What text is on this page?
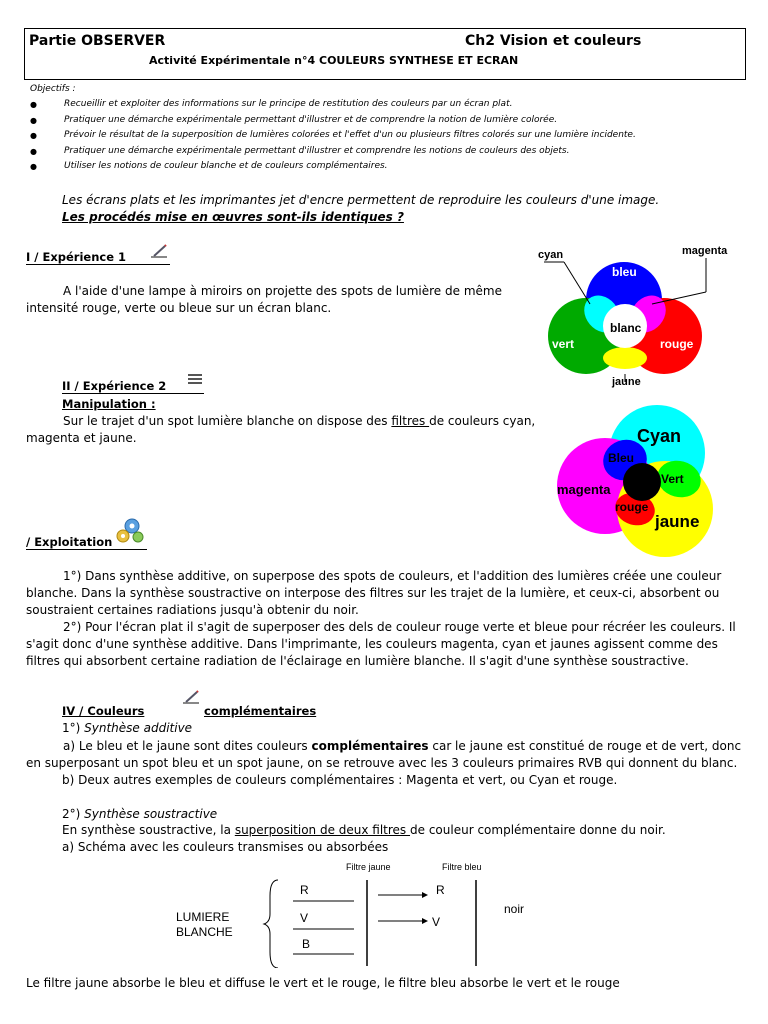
Partie OBSERVER	Ch2 Vision et couleurs
Activité Expérimentale n°4 COULEURS SYNTHESE ET ECRAN
Objectifs :
● Recueillir et exploiter des informations sur le principe de restitution des couleurs par un écran plat.
● Pratiquer une démarche expérimentale permettant d'illustrer et de comprendre la notion de lumière colorée.
● Prévoir le résultat de la superposition de lumières colorées et l'effet d'un ou plusieurs filtres colorés sur une lumière incidente.
● Pratiquer une démarche expérimentale permettant d'illustrer et comprendre les notions de couleurs des objets.
● Utiliser les notions de couleur blanche et de couleurs complémentaires.
Les écrans plats et les imprimantes jet d'encre permettent de reproduire les couleurs d'une image.
Les procédés mise en œuvres sont-ils identiques ?
I / Expérience 1
A l'aide d'une lampe à miroirs on projette des spots de lumière de même intensité rouge, verte ou bleue sur un écran blanc.
cyan	magenta
bleu
blanc
vert	rouge
jaune
II / Expérience 2
Manipulation :
Sur le trajet d'un spot lumière blanche on dispose des filtres de couleurs cyan, magenta et jaune.	Cyan
Bleu
Vert
magenta
rouge
jaune
/ Exploitation
1°) Dans synthèse additive, on superpose des spots de couleurs, et l'addition des lumières créée une couleur blanche. Dans la synthèse soustractive on interpose des filtres sur les trajet de la lumière, et ceux-ci, absorbent ou soustraient certaines radiations jusqu'à obtenir du noir.
2°) Pour l'écran plat il s'agit de superposer des dels de couleur rouge verte et bleue pour récréer les couleurs. Il s'agit donc d'une synthèse additive. Dans l'imprimante, les couleurs magenta, cyan et jaunes agissent comme des filtres qui absorbent certaine radiation de l'éclairage en lumière blanche. Il s'agit d'une synthèse soustractive.
IV / Couleurs	complémentaires
1°) Synthèse additive
a) Le bleu et le jaune sont dites couleurs complémentaires car le jaune est constitué de rouge et de vert, donc en superposant un spot bleu et un spot jaune, on se retrouve avec les 3 couleurs primaires RVB qui donnent du blanc.
b) Deux autres exemples de couleurs complémentaires : Magenta et vert, ou Cyan et rouge.
2°) Synthèse soustractive
En synthèse soustractive, la superposition de deux filtres de couleur complémentaire donne du noir.
a) Schéma avec les couleurs transmises ou absorbées
Filtre jaune	Filtre bleu
LUMIERE
BLANCHE
R
V
B
R
V
noir
Le filtre jaune absorbe le bleu et diffuse le vert et le rouge, le filtre bleu absorbe le vert et le rouge
